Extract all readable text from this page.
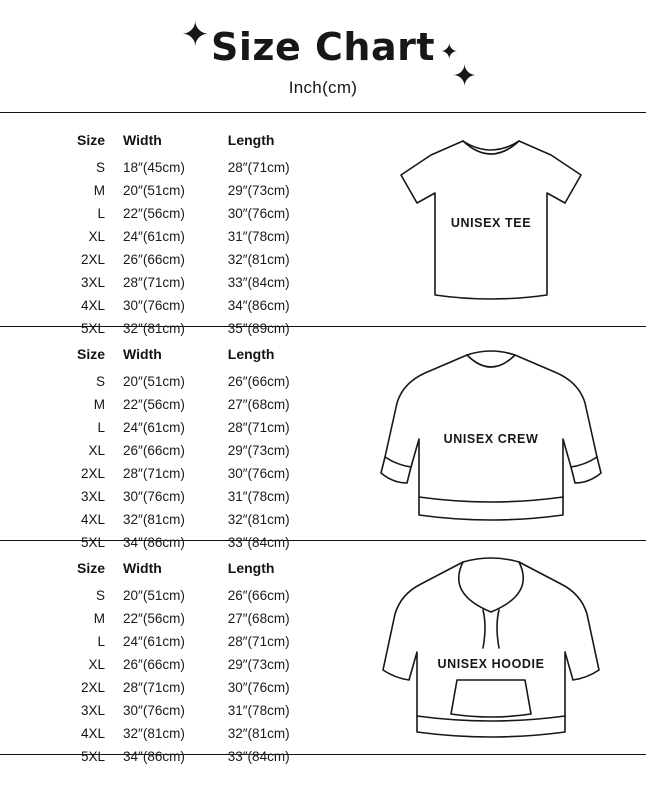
✦	✦
✦
Size Chart
Inch(cm)
Size	Width	Length
S	18″(45cm)	28″(71cm)
M	20″(51cm)	29″(73cm)
L	22″(56cm)	30″(76cm)
XL	24″(61cm)	31″(78cm)
2XL	26″(66cm)	32″(81cm)
3XL	28″(71cm)	33″(84cm)
4XL	30″(76cm)	34″(86cm)
5XL	32″(81cm)	35″(89cm)
UNISEX TEE
Size	Width	Length
S	20″(51cm)	26″(66cm)
M	22″(56cm)	27″(68cm)
L	24″(61cm)	28″(71cm)
XL	26″(66cm)	29″(73cm)
2XL	28″(71cm)	30″(76cm)
3XL	30″(76cm)	31″(78cm)
4XL	32″(81cm)	32″(81cm)
5XL	34″(86cm)	33″(84cm)
UNISEX CREW
Size	Width	Length
S	20″(51cm)	26″(66cm)
M	22″(56cm)	27″(68cm)
L	24″(61cm)	28″(71cm)
XL	26″(66cm)	29″(73cm)
2XL	28″(71cm)	30″(76cm)
3XL	30″(76cm)	31″(78cm)
4XL	32″(81cm)	32″(81cm)
5XL	34″(86cm)	33″(84cm)
UNISEX HOODIE
